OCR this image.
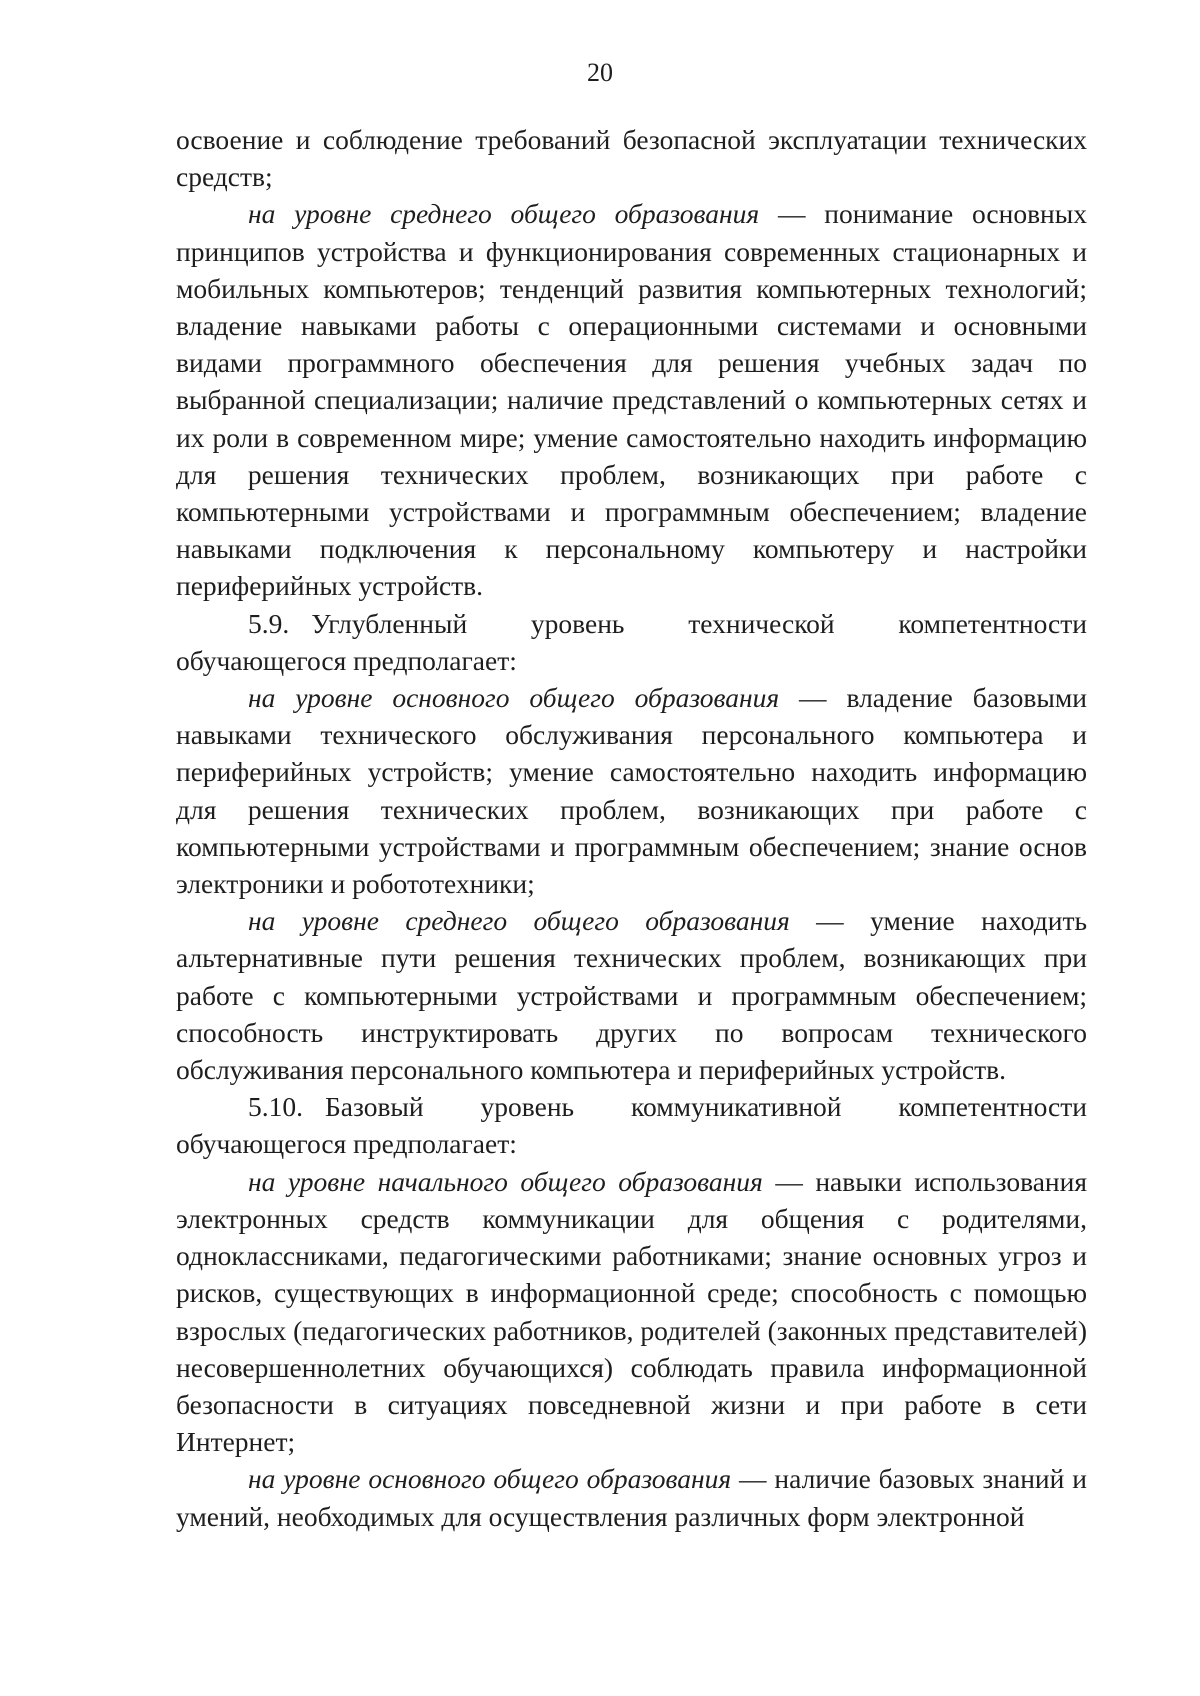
20

освоение и соблюдение требований безопасной эксплуатации технических средств;

на уровне среднего общего образования — понимание основных принципов устройства и функционирования современных стационарных и мобильных компьютеров; тенденций развития компьютерных технологий; владение навыками работы с операционными системами и основными видами программного обеспечения для решения учебных задач по выбранной специализации; наличие представлений о компьютерных сетях и их роли в современном мире; умение самостоятельно находить информацию для решения технических проблем, возникающих при работе с компьютерными устройствами и программным обеспечением; владение навыками подключения к персональному компьютеру и настройки периферийных устройств.

5.9. Углубленный уровень технической компетентности обучающегося предполагает:

на уровне основного общего образования — владение базовыми навыками технического обслуживания персонального компьютера и периферийных устройств; умение самостоятельно находить информацию для решения технических проблем, возникающих при работе с компьютерными устройствами и программным обеспечением; знание основ электроники и робототехники;

на уровне среднего общего образования — умение находить альтернативные пути решения технических проблем, возникающих при работе с компьютерными устройствами и программным обеспечением; способность инструктировать других по вопросам технического обслуживания персонального компьютера и периферийных устройств.

5.10. Базовый уровень коммуникативной компетентности обучающегося предполагает:

на уровне начального общего образования — навыки использования электронных средств коммуникации для общения с родителями, одноклассниками, педагогическими работниками; знание основных угроз и рисков, существующих в информационной среде; способность с помощью взрослых (педагогических работников, родителей (законных представителей) несовершеннолетних обучающихся) соблюдать правила информационной безопасности в ситуациях повседневной жизни и при работе в сети Интернет;

на уровне основного общего образования — наличие базовых знаний и умений, необходимых для осуществления различных форм электронной
